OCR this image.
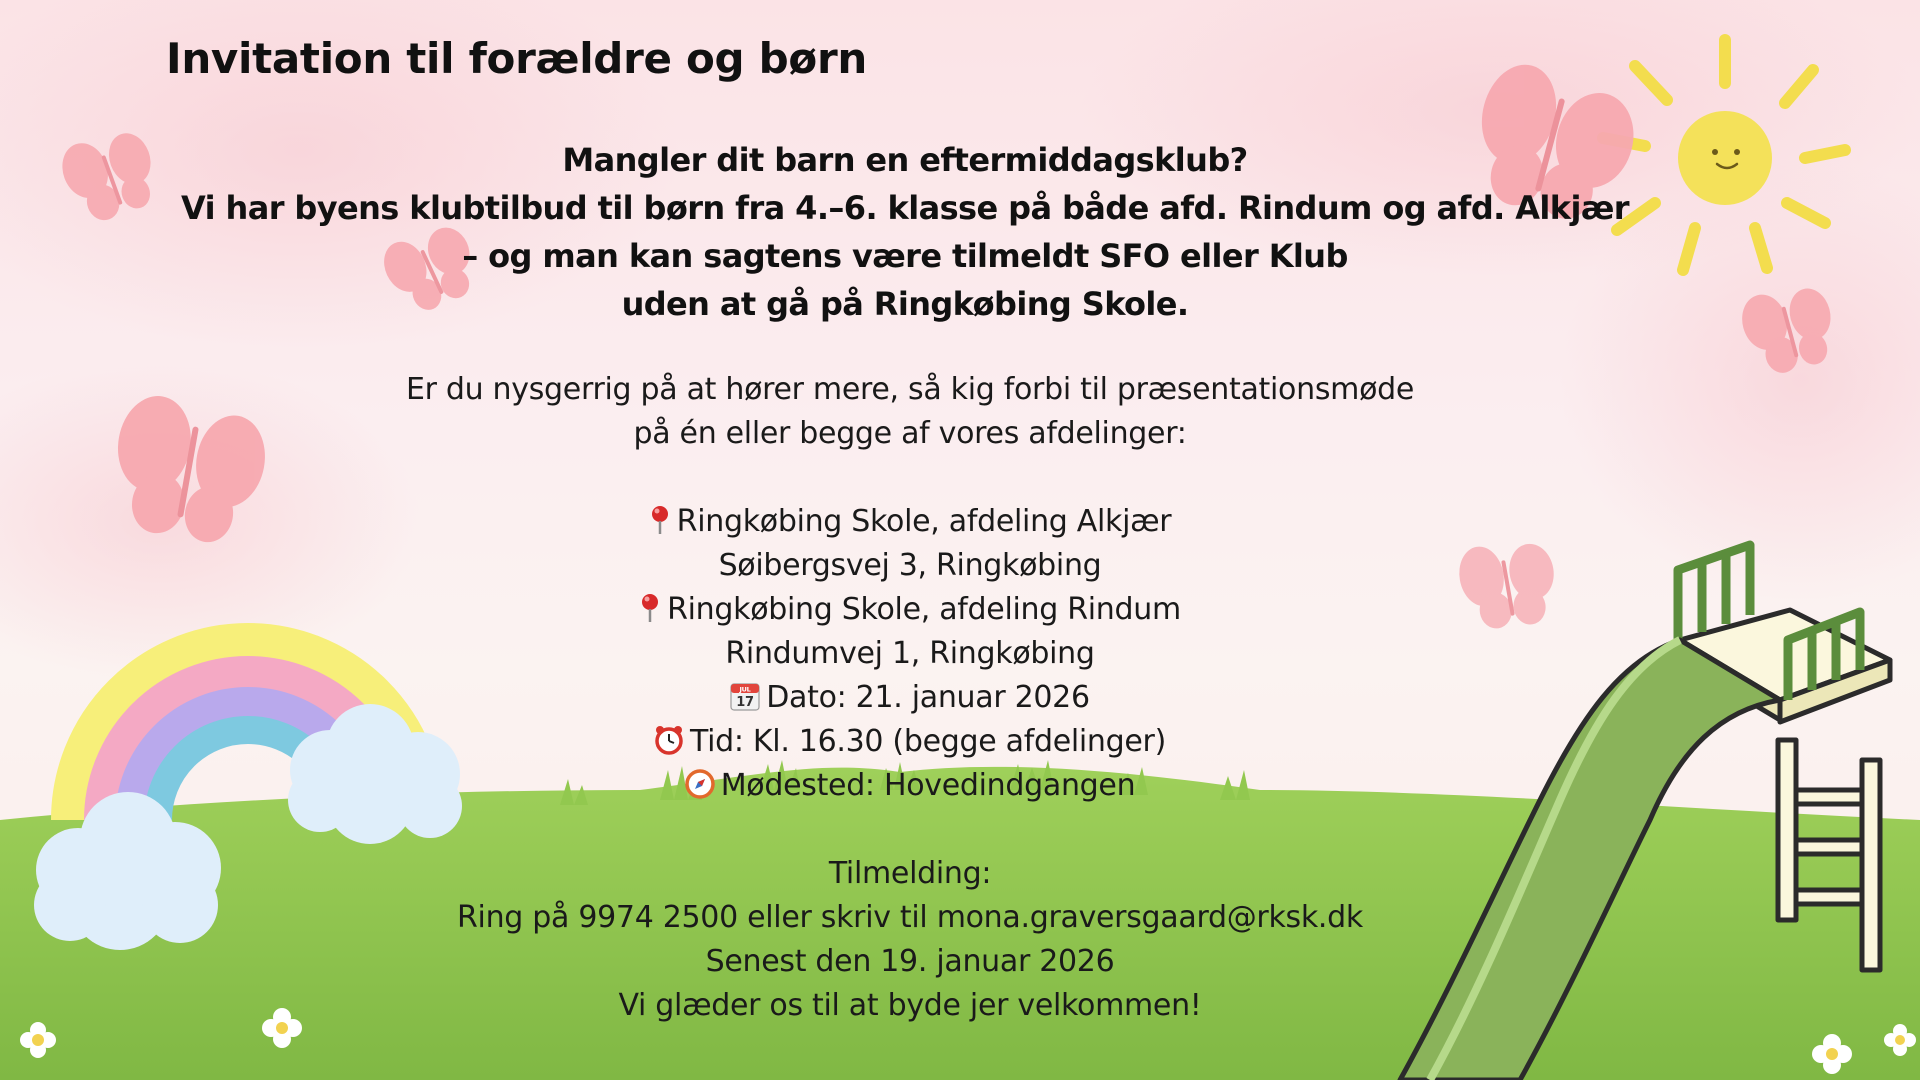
Invitation til forældre og børn
Mangler dit barn en eftermiddagsklub?
Vi har byens klubtilbud til børn fra 4.–6. klasse på både afd. Rindum og afd. Alkjær
– og man kan sagtens være tilmeldt SFO eller Klub
uden at gå på Ringkøbing Skole.
Er du nysgerrig på at hører mere, så kig forbi til præsentationsmøde
på én eller begge af vores afdelinger:
Ringkøbing Skole, afdeling Alkjær
Søibergsvej 3, Ringkøbing
Ringkøbing Skole, afdeling Rindum
Rindumvej 1, Ringkøbing
JUL
17 Dato: 21. januar 2026
Tid: Kl. 16.30 (begge afdelinger)
Mødested: Hovedindgangen
Tilmelding:
Ring på 9974 2500 eller skriv til mona.graversgaard@rksk.dk
Senest den 19. januar 2026
Vi glæder os til at byde jer velkommen!
